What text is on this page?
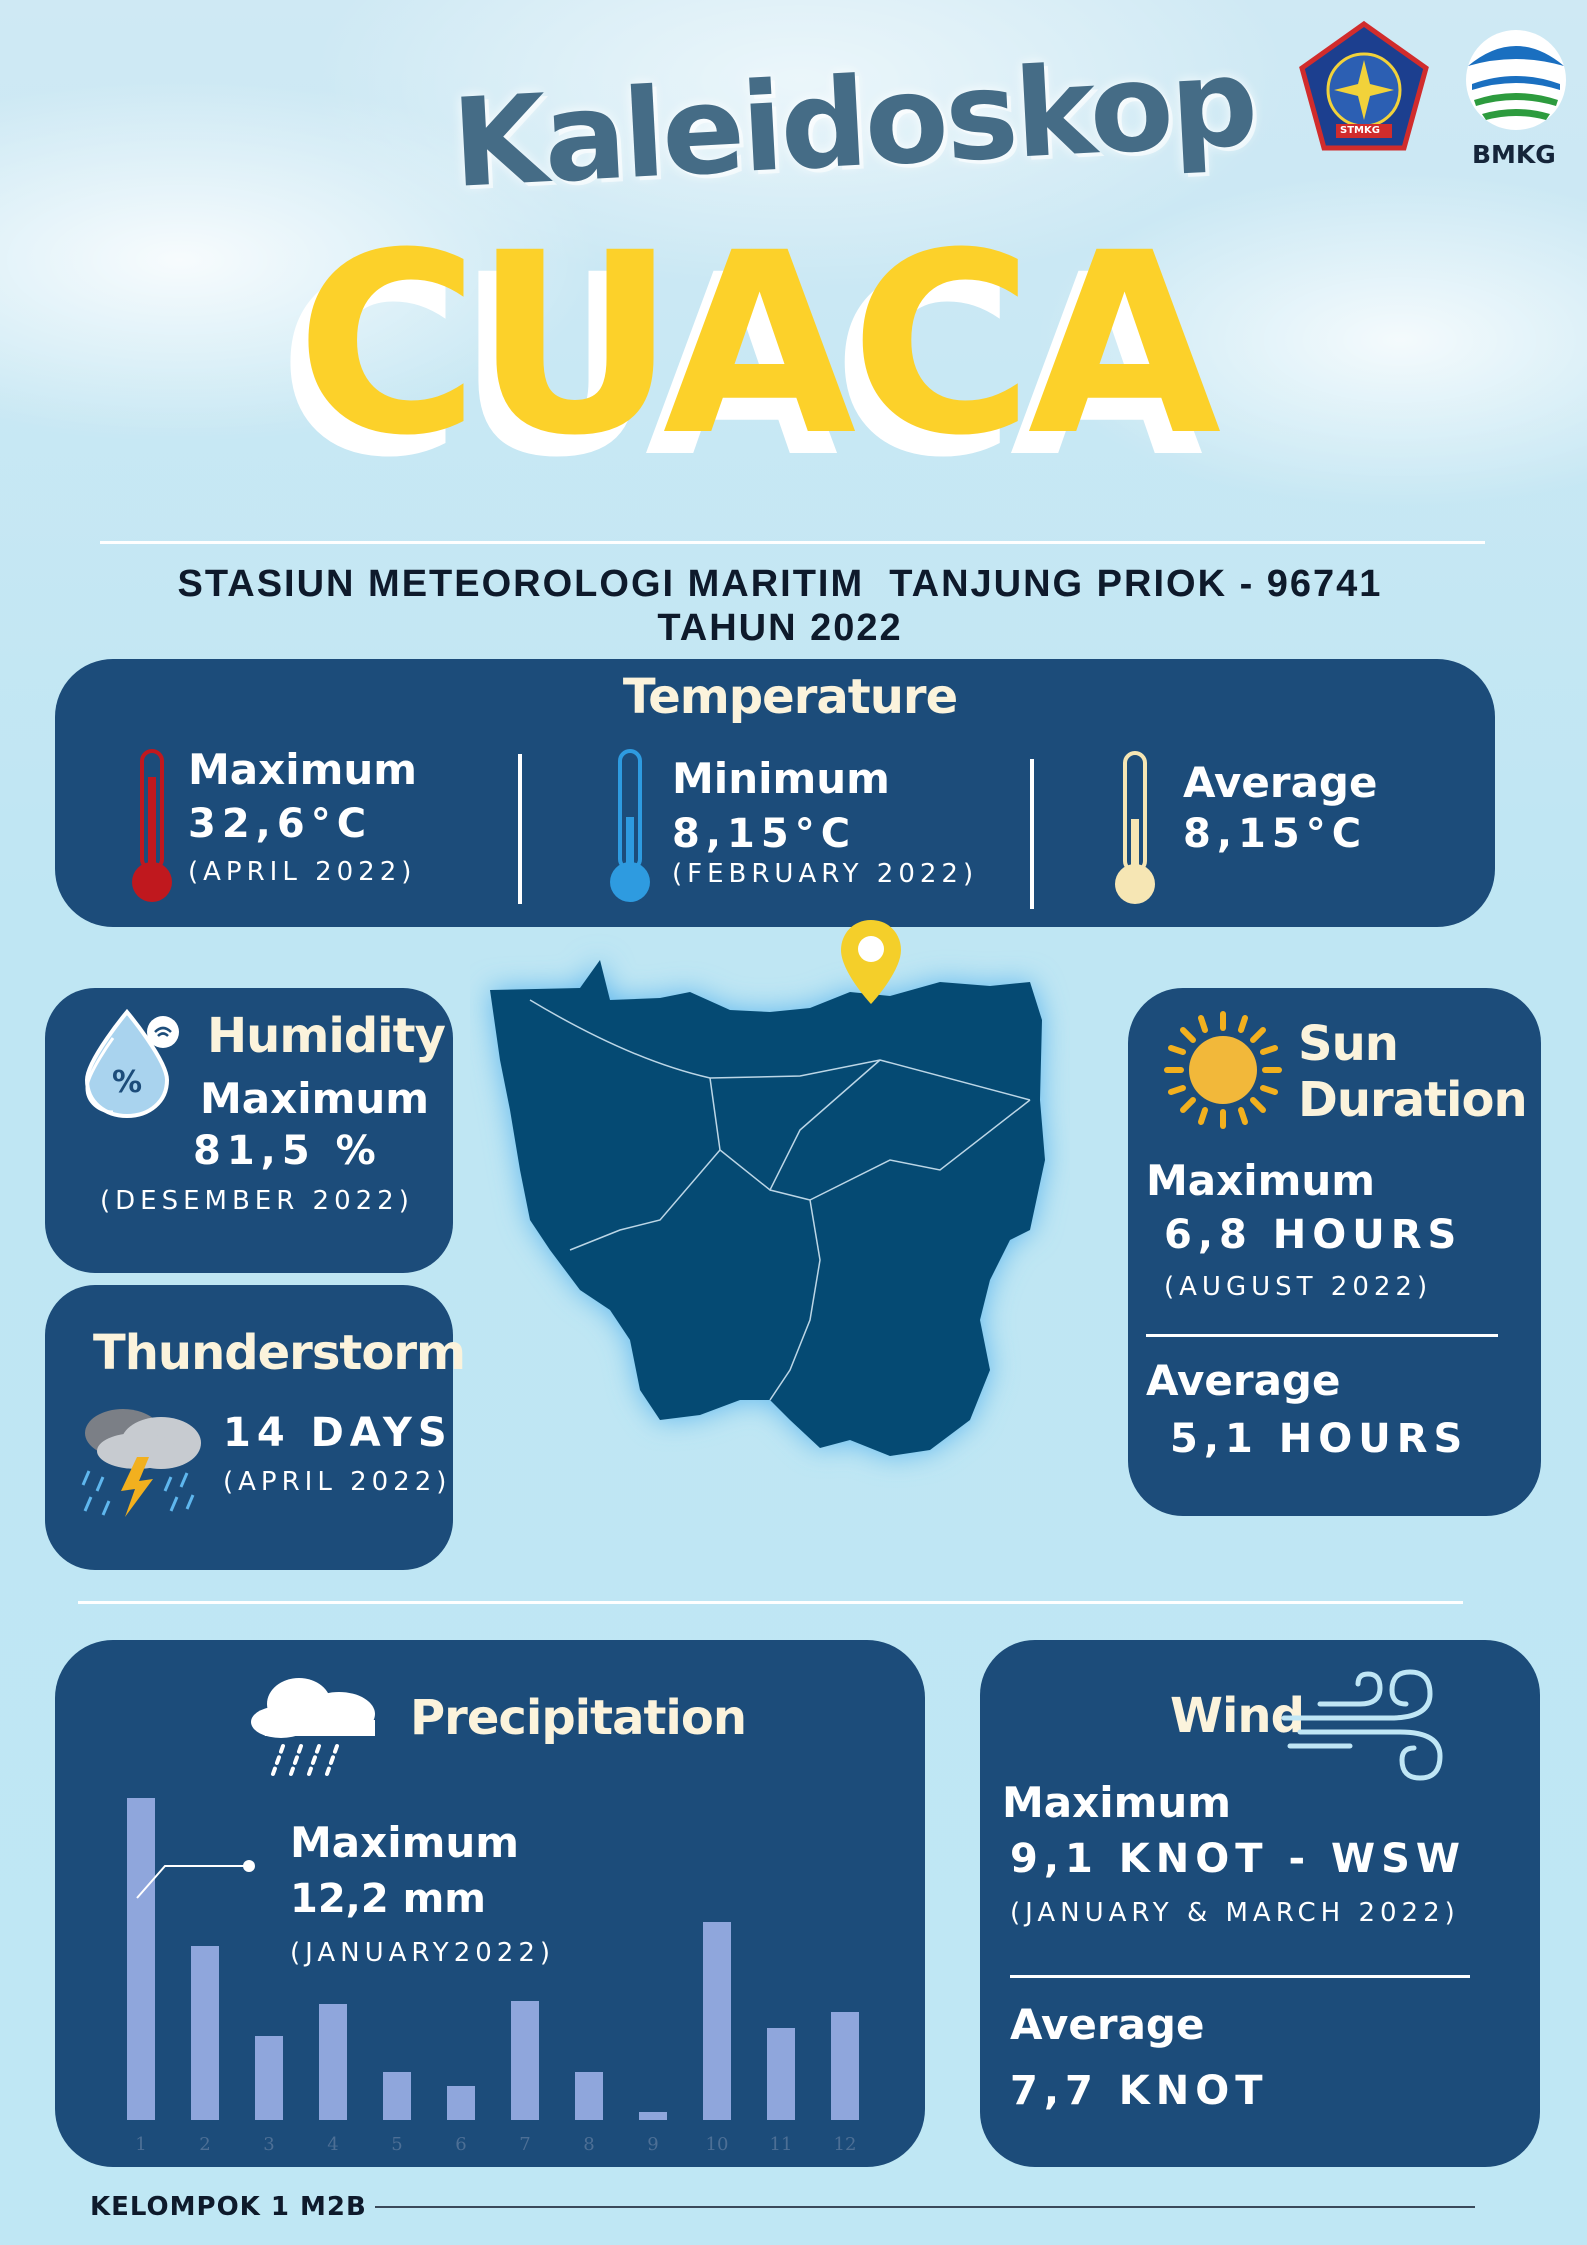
Kaleidoskop
CUACA
STMKG
BMKG
STASIUN METEOROLOGI MARITIM  TANJUNG PRIOK - 96741
TAHUN 2022
Temperature
Maximum
32,6°C
(APRIL 2022)
Minimum
8,15°C
(FEBRUARY 2022)
Average
8,15°C
%
Humidity
Maximum
81,5 %
(DESEMBER 2022)
Thunderstorm
14 DAYS
(APRIL 2022)
Sun
Duration
Maximum
6,8 HOURS
(AUGUST 2022)
Average
5,1 HOURS
Precipitation
1	2	3	4	5	6	7	8	9	10	11	12
Maximum
12,2 mm
(JANUARY2022)
Wind
Maximum
9,1 KNOT - WSW
(JANUARY & MARCH 2022)
Average
7,7 KNOT
KELOMPOK 1 M2B
